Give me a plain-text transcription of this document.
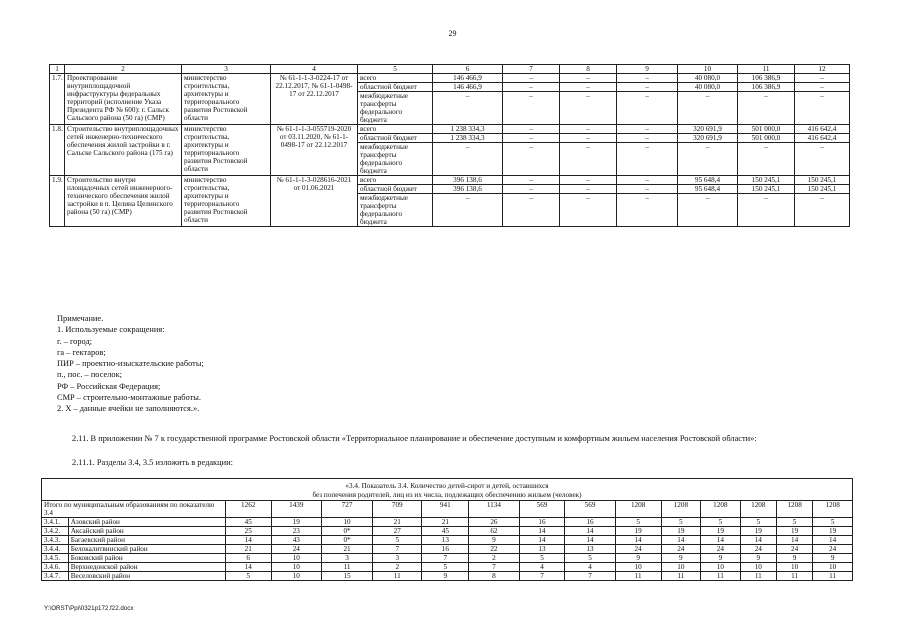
29
1	2	3	4	5	6	7	8	9	10	11	12
1.7.	Проектирование внутриплощадочной инфраструктуры федеральных территорий (исполнение Указа Президента РФ № 600): г. Сальск Сальского района (50 га) (СМР)	министерство строительства, архитектуры и территориального развития Ростовской области	№ 61-1-1-3-0224-17 от 22.12.2017, № 61-1-0498-17 от 22.12.2017	всего	146 466,9	–	–	–	40 080,0	106 386,9	–
				областной бюджет	146 466,9	–	–	–	40 080,0	106 386,9	–
				межбюджетные трансферты федерального бюджета	–	–	–	–	–	–	–
1.8.	Строительство внутриплощадочных сетей инженерно-технического обеспечения жилой застройки в г. Сальске Сальского района (175 га)	министерство строительства, архитектуры и территориального развития Ростовской области	№ 61-1-1-3-055719-2020 от 03.11.2020, № 61-1-0498-17 от 22.12.2017	всего	1 238 334,3	–	–	–	320 691,9	501 000,0	416 642,4
				областной бюджет	1 238 334,3	–	–	–	320 691,9	501 000,0	416 642,4
				межбюджетные трансферты федерального бюджета	–	–	–	–	–	–	–
1.9.	Строительство внутри площадочных сетей инженерного-технического обеспечения жилой застройки в п. Целина Целинского района (50 га) (СМР)	министерство строительства, архитектуры и территориального развития Ростовской области	№ 61-1-1-3-028616-2021 от 01.06.2021	всего	396 138,6	–	–	–	95 648,4	150 245,1	150 245,1
				областной бюджет	396 138,6	–	–	–	95 648,4	150 245,1	150 245,1
				межбюджетные трансферты федерального бюджета	–	–	–	–	–	–	–
Примечание.
1. Используемые сокращения:
г. – город;
га – гектаров;
ПИР – проектно-изыскательские работы;
п., пос. – поселок;
РФ – Российская Федерация;
СМР – строительно-монтажные работы.
2. Х – данные ячейки не заполняются.».
2.11. В приложении № 7 к государственной программе Ростовской области «Территориальное планирование и обеспечение доступным и комфортным жильем населения Ростовской области»:
2.11.1. Разделы 3.4, 3.5 изложить в редакции:
«3.4. Показатель 3.4. Количество детей-сирот и детей, оставшихся
без попечения родителей, лиц из их числа, подлежащих обеспечению жильем (человек)															

Итого по муниципальным образованиям по показателю 3.4		1262	1439	727	709	941	1134	569	569	1208	1208	1208	1208	1208	1208
3.4.1.	Азовский район	45	19	10	21	21	26	16	16	5	5	5	5	5	5
3.4.2.	Аксайский район	25	23	0*	27	45	62	14	14	19	19	19	19	19	19
3.4.3.	Багаевский район	14	43	0*	5	13	9	14	14	14	14	14	14	14	14
3.4.4.	Белокалитвинский район	21	24	21	7	16	22	13	13	24	24	24	24	24	24
3.4.5.	Боковский район	6	10	3	3	7	2	5	5	9	9	9	9	9	9
3.4.6.	Верхнедонской район	14	10	11	2	5	7	4	4	10	10	10	10	10	10
3.4.7.	Веселовский район	5	10	15	11	9	8	7	7	11	11	11	11	11	11
Y:\ORST\Ppi\0321p172.f22.docx
